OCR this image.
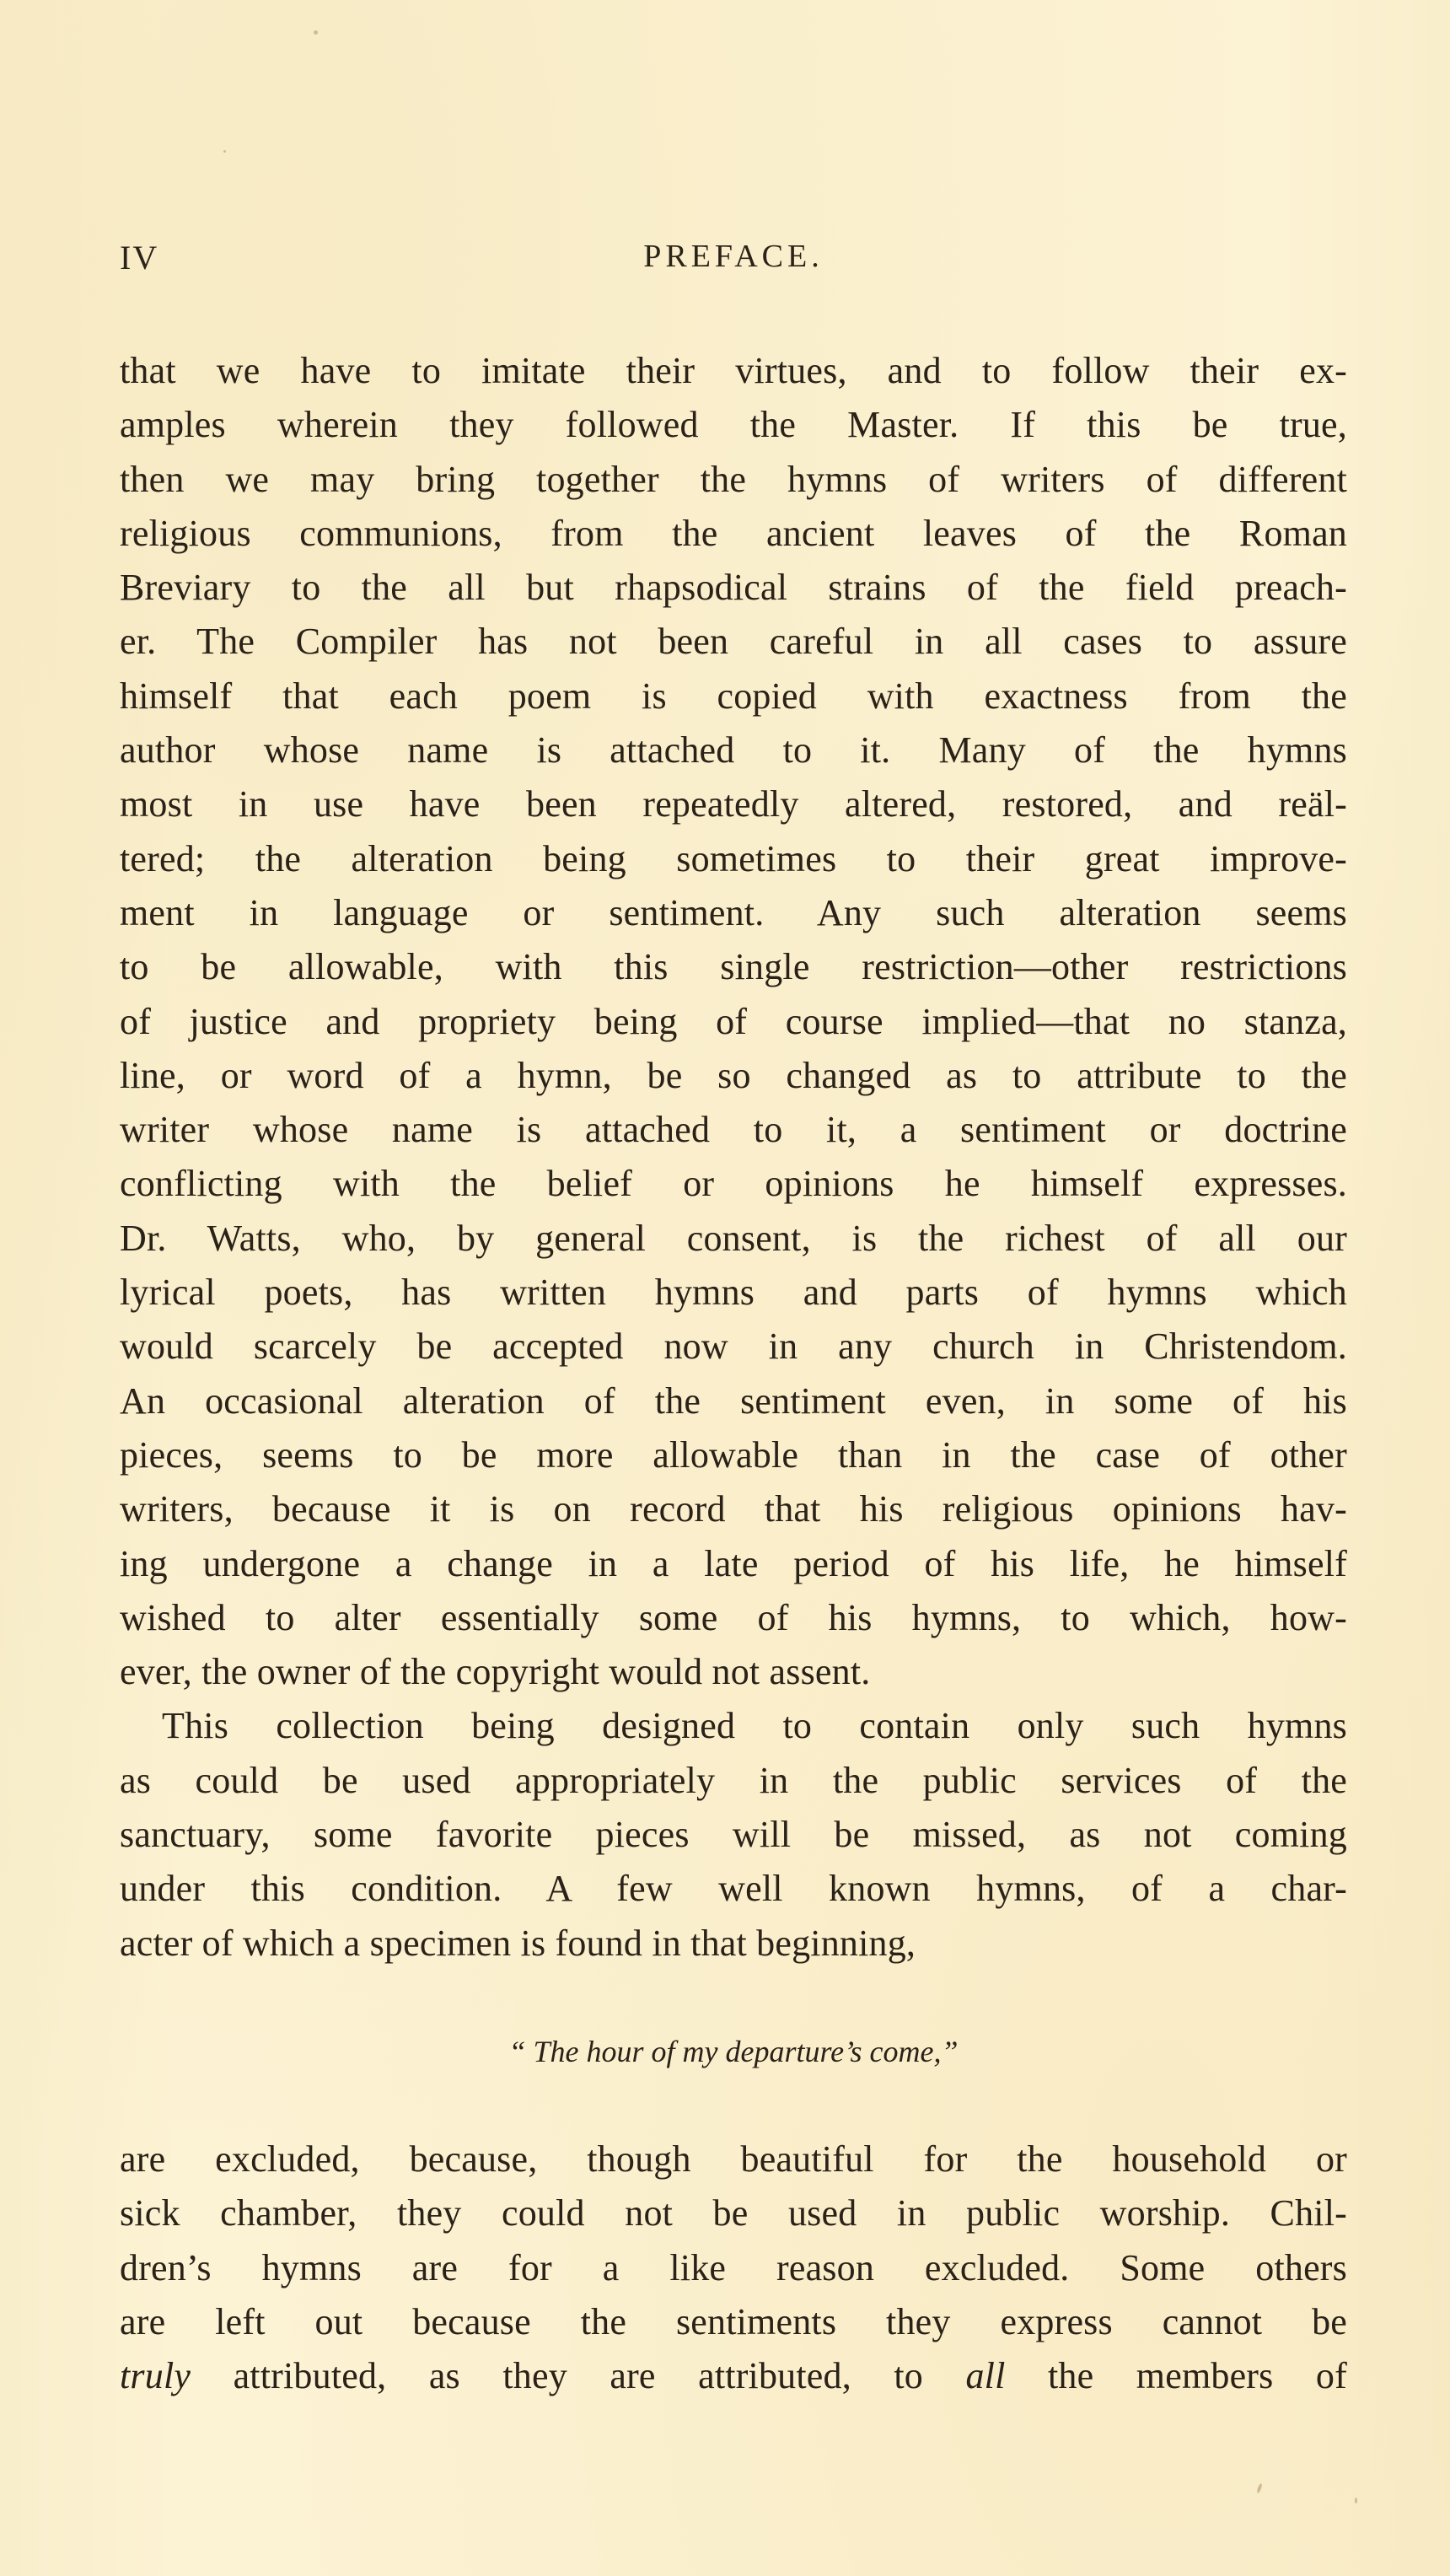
IV	PREFACE.
that we have to imitate their virtues, and to follow their ex-
amples wherein they followed the Master. If this be true,
then we may bring together the hymns of writers of different
religious communions, from the ancient leaves of the Roman
Breviary to the all but rhapsodical strains of the field preach-
er. The Compiler has not been careful in all cases to assure
himself that each poem is copied with exactness from the
author whose name is attached to it. Many of the hymns
most in use have been repeatedly altered, restored, and reäl-
tered; the alteration being sometimes to their great improve-
ment in language or sentiment. Any such alteration seems
to be allowable, with this single restriction—other restrictions
of justice and propriety being of course implied—that no stanza,
line, or word of a hymn, be so changed as to attribute to the
writer whose name is attached to it, a sentiment or doctrine
conflicting with the belief or opinions he himself expresses.
Dr. Watts, who, by general consent, is the richest of all our
lyrical poets, has written hymns and parts of hymns which
would scarcely be accepted now in any church in Christendom.
An occasional alteration of the sentiment even, in some of his
pieces, seems to be more allowable than in the case of other
writers, because it is on record that his religious opinions hav-
ing undergone a change in a late period of his life, he himself
wished to alter essentially some of his hymns, to which, how-
ever, the owner of the copyright would not assent.
This collection being designed to contain only such hymns
as could be used appropriately in the public services of the
sanctuary, some favorite pieces will be missed, as not coming
under this condition. A few well known hymns, of a char-
acter of which a specimen is found in that beginning,
“ The hour of my departure’s come,”
are excluded, because, though beautiful for the household or
sick chamber, they could not be used in public worship. Chil-
dren’s hymns are for a like reason excluded. Some others
are left out because the sentiments they express cannot be
truly attributed, as they are attributed, to all the members of
